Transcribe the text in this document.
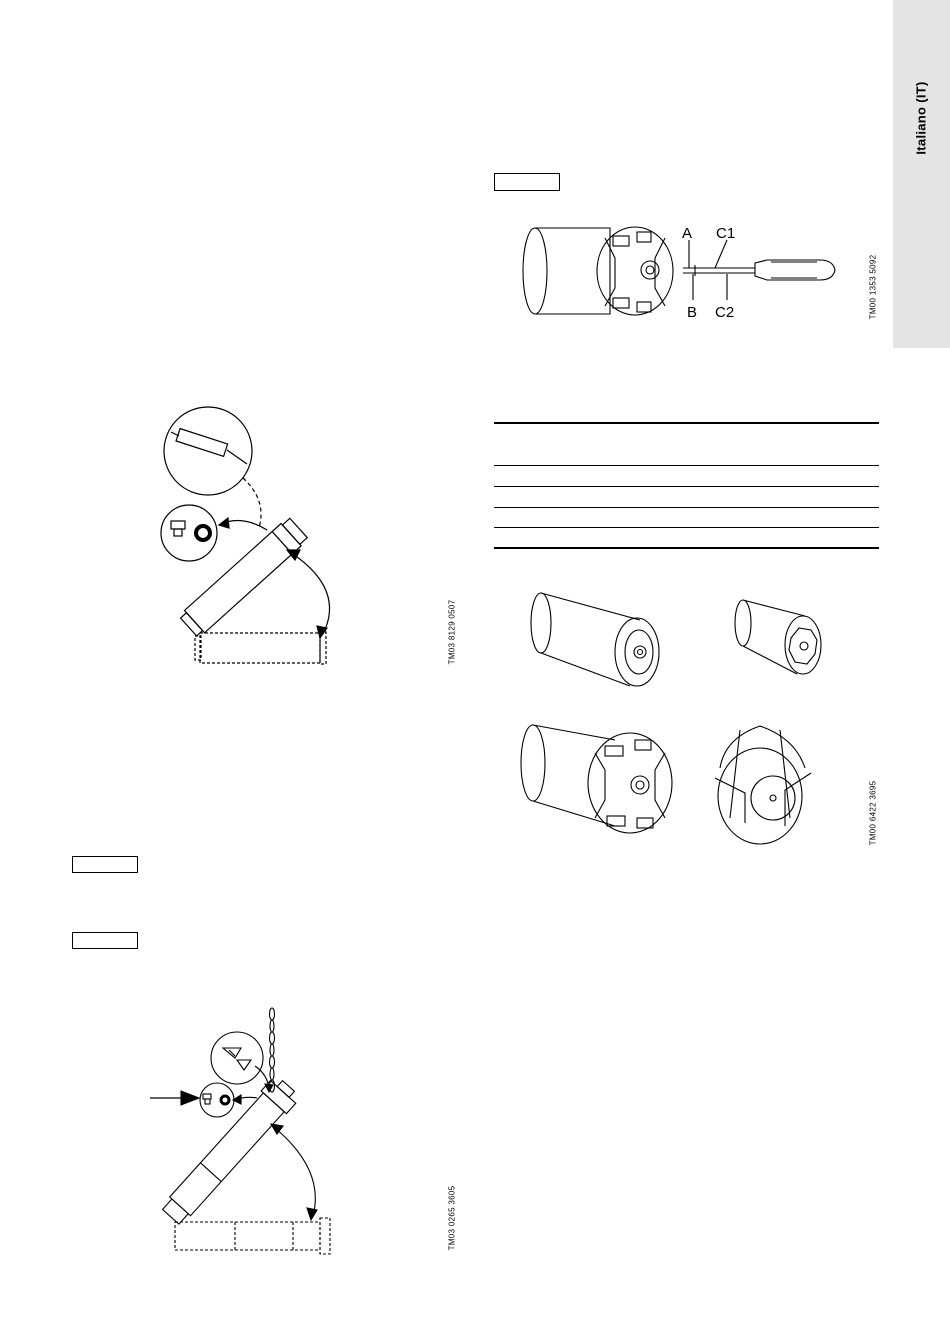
Italiano (IT)
TM03 8129 0507
TM03 0265 3605
TM00 1353 5092
TM00 6422 3695
A C1
B C2
